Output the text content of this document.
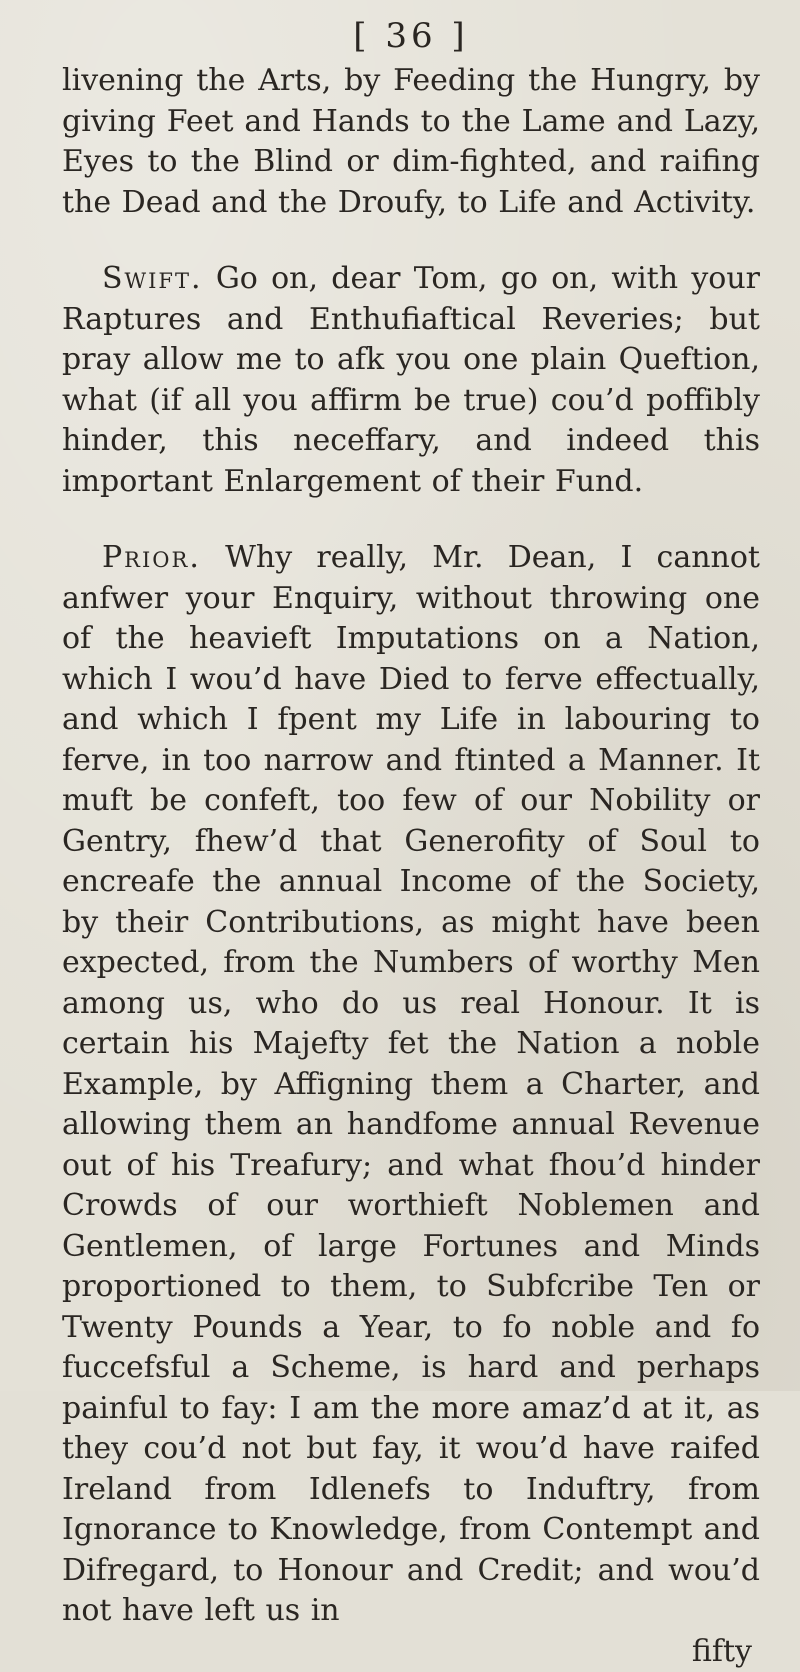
[ 36 ]

livening the Arts, by Feeding the Hungry, by giving Feet and Hands to the Lame and Lazy, Eyes to the Blind or dim-fighted, and raifing the Dead and the Droufy, to Life and Activity.

Swift. Go on, dear Tom, go on, with your Raptures and Enthufiaftical Reveries; but pray allow me to afk you one plain Queftion, what (if all you affirm be true) cou’d poffibly hinder, this neceffary, and indeed this important Enlargement of their Fund.

Prior. Why really, Mr. Dean, I cannot anfwer your Enquiry, without throwing one of the heavieft Imputations on a Nation, which I wou’d have Died to ferve effectually, and which I fpent my Life in labouring to ferve, in too narrow and ftinted a Manner. It muft be confeft, too few of our Nobility or Gentry, fhew’d that Generofity of Soul to encreafe the annual Income of the Society, by their Contributions, as might have been expected, from the Numbers of worthy Men among us, who do us real Honour. It is certain his Majefty fet the Nation a noble Example, by Affigning them a Charter, and allowing them an handfome annual Revenue out of his Treafury; and what fhou’d hinder Crowds of our worthieft Noblemen and Gentlemen, of large Fortunes and Minds proportioned to them, to Subfcribe Ten or Twenty Pounds a Year, to fo noble and fo fuccefsful a Scheme, is hard and perhaps painful to fay: I am the more amaz’d at it, as they cou’d not but fay, it wou’d have raifed Ireland from Idlenefs to Induftry, from Ignorance to Knowledge, from Contempt and Difregard, to Honour and Credit; and wou’d not have left us in

fifty
